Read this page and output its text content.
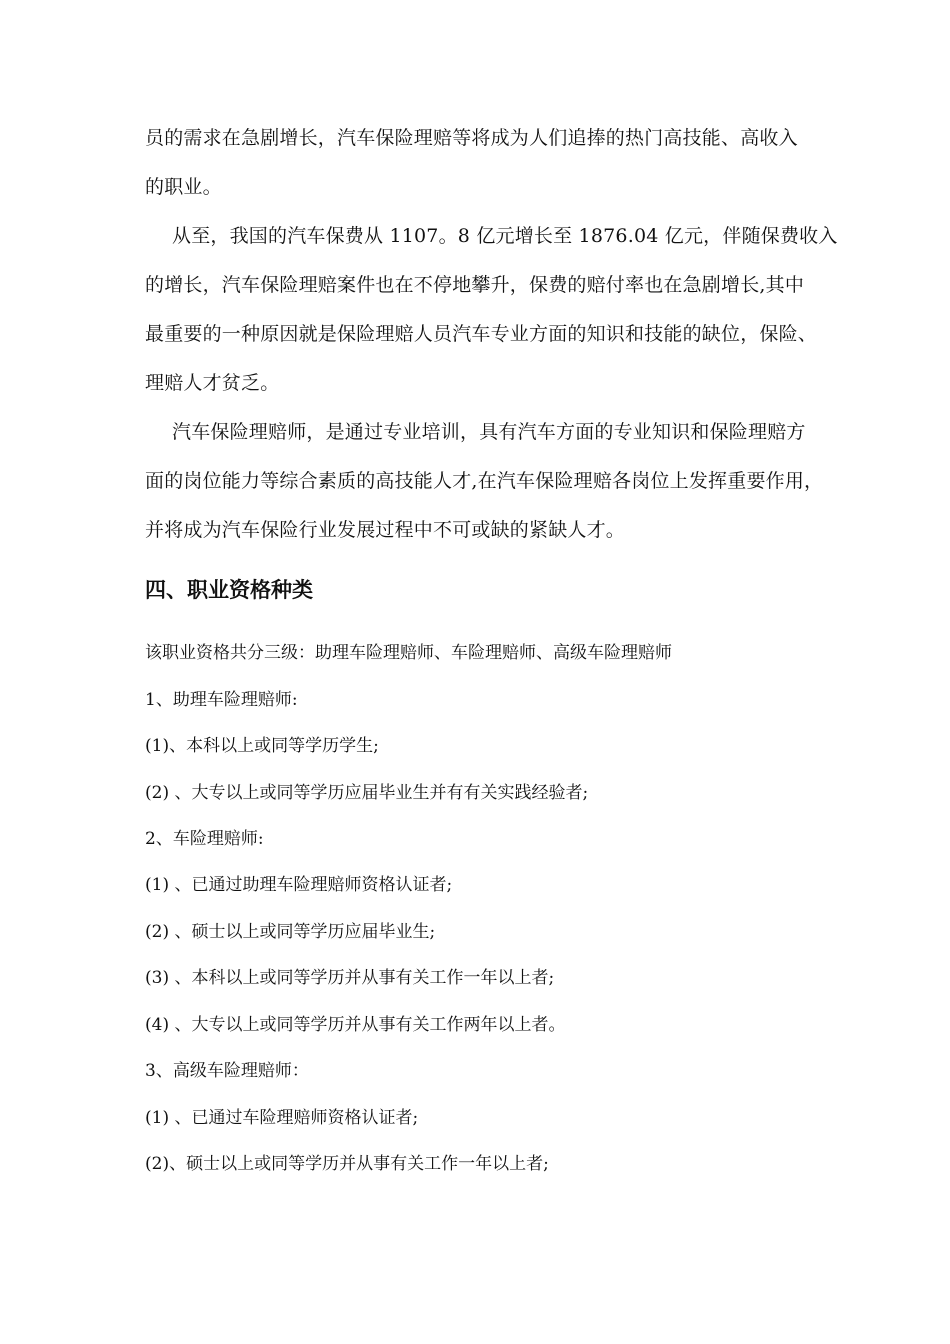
员的需求在急剧增长，汽车保险理赔等将成为人们追捧的热门高技能、高收入
的职业。
从至，我国的汽车保费从 1107。8 亿元增长至 1876.04 亿元，伴随保费收入
的增长，汽车保险理赔案件也在不停地攀升，保费的赔付率也在急剧增长,其中
最重要的一种原因就是保险理赔人员汽车专业方面的知识和技能的缺位，保险、
理赔人才贫乏。
汽车保险理赔师，是通过专业培训，具有汽车方面的专业知识和保险理赔方
面的岗位能力等综合素质的高技能人才,在汽车保险理赔各岗位上发挥重要作用，
并将成为汽车保险行业发展过程中不可或缺的紧缺人才。
四、职业资格种类
该职业资格共分三级：助理车险理赔师、车险理赔师、高级车险理赔师
1、助理车险理赔师:
(1)、本科以上或同等学历学生;
(2) 、大专以上或同等学历应届毕业生并有有关实践经验者;
2、车险理赔师:
(1) 、已通过助理车险理赔师资格认证者;
(2) 、硕士以上或同等学历应届毕业生;
(3) 、本科以上或同等学历并从事有关工作一年以上者;
(4) 、大专以上或同等学历并从事有关工作两年以上者。
3、高级车险理赔师：
(1) 、已通过车险理赔师资格认证者;
(2)、硕士以上或同等学历并从事有关工作一年以上者;
